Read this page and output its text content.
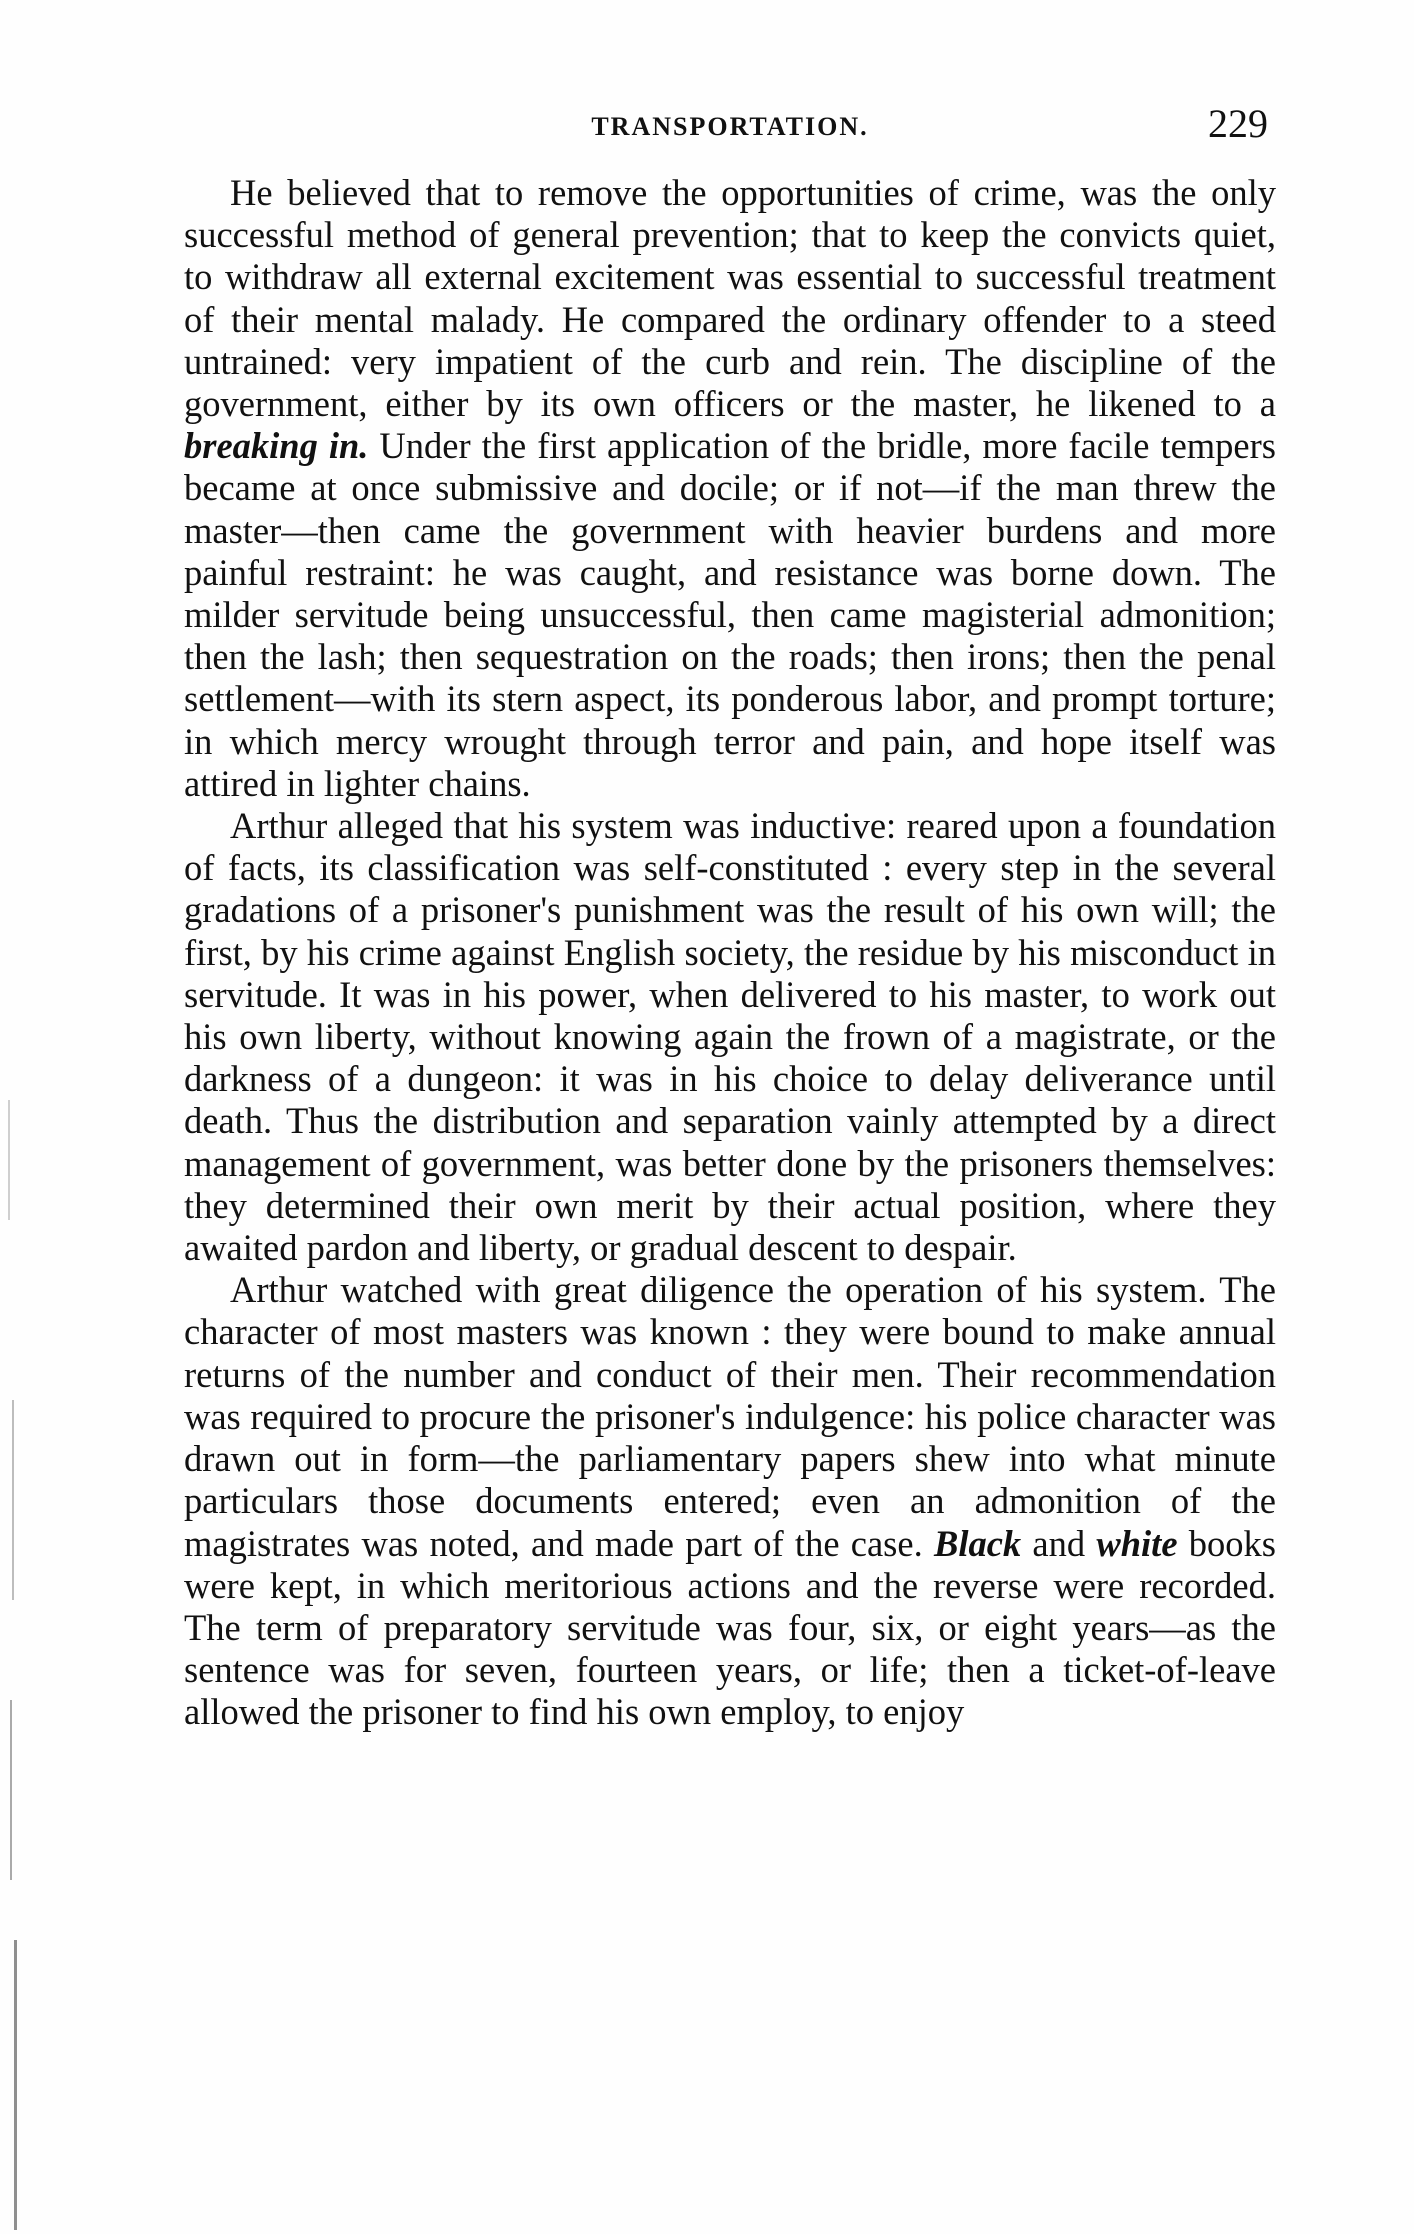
TRANSPORTATION.	229

He believed that to remove the opportunities of crime, was the only successful method of general prevention; that to keep the convicts quiet, to withdraw all external excitement was essential to successful treatment of their mental malady. He compared the ordinary offender to a steed untrained: very impatient of the curb and rein. The discipline of the government, either by its own officers or the master, he likened to a breaking in. Under the first application of the bridle, more facile tempers became at once submissive and docile; or if not—if the man threw the master—then came the government with heavier burdens and more painful restraint: he was caught, and resistance was borne down. The milder servitude being unsuccessful, then came magisterial admonition; then the lash; then sequestration on the roads; then irons; then the penal settlement—with its stern aspect, its ponderous labor, and prompt torture; in which mercy wrought through terror and pain, and hope itself was attired in lighter chains.

Arthur alleged that his system was inductive: reared upon a foundation of facts, its classification was self-constituted : every step in the several gradations of a prisoner's punishment was the result of his own will; the first, by his crime against English society, the residue by his misconduct in servitude. It was in his power, when delivered to his master, to work out his own liberty, without knowing again the frown of a magistrate, or the darkness of a dungeon: it was in his choice to delay deliverance until death. Thus the distribution and separation vainly attempted by a direct management of government, was better done by the prisoners themselves: they determined their own merit by their actual position, where they awaited pardon and liberty, or gradual descent to despair.

Arthur watched with great diligence the operation of his system. The character of most masters was known : they were bound to make annual returns of the number and conduct of their men. Their recommendation was required to procure the prisoner's indulgence: his police character was drawn out in form—the parliamentary papers shew into what minute particulars those documents entered; even an admonition of the magistrates was noted, and made part of the case. Black and white books were kept, in which meritorious actions and the reverse were recorded. The term of preparatory servitude was four, six, or eight years—as the sentence was for seven, fourteen years, or life; then a ticket-of-leave allowed the prisoner to find his own employ, to enjoy
